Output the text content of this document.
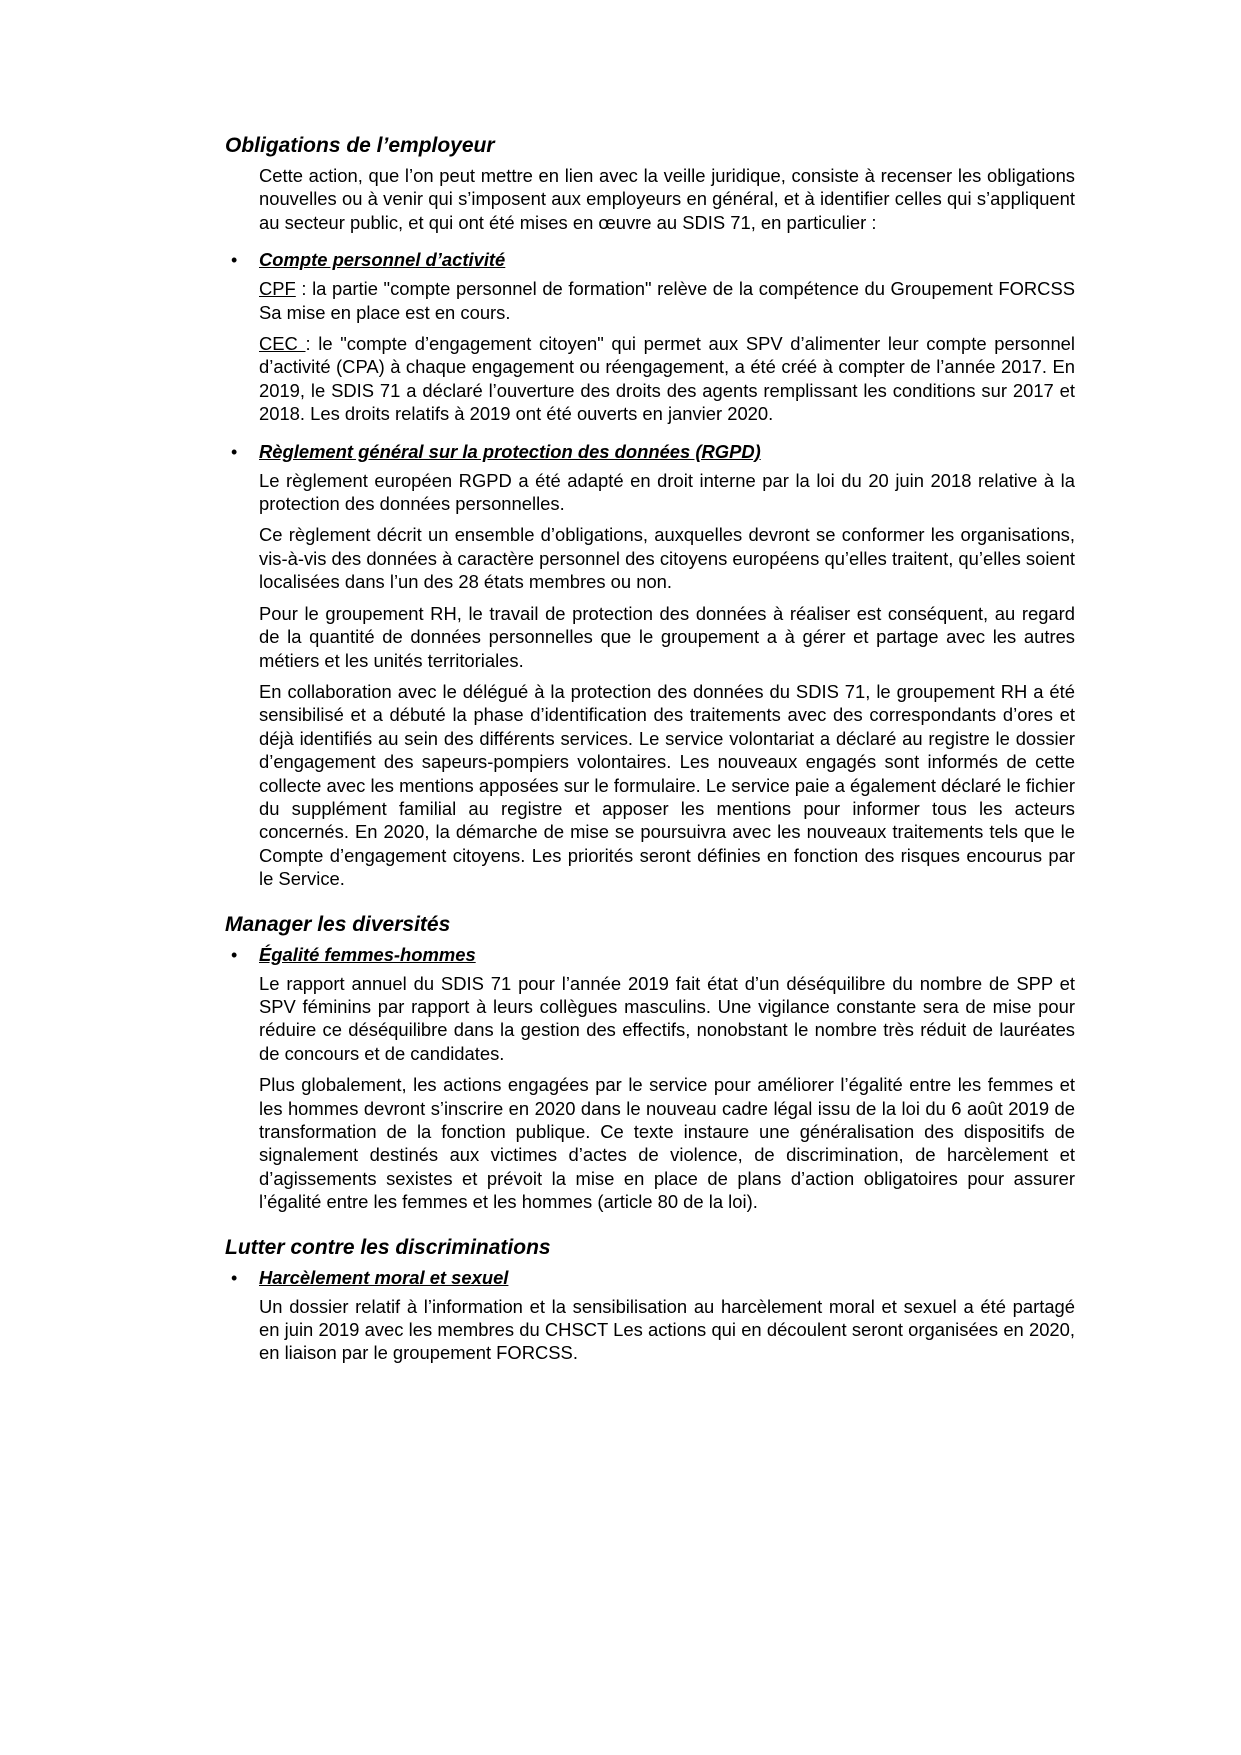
Obligations de l’employeur

Cette action, que l’on peut mettre en lien avec la veille juridique, consiste à recenser les obligations nouvelles ou à venir qui s’imposent aux employeurs en général, et à identifier celles qui s’appliquent au secteur public, et qui ont été mises en œuvre au SDIS 71, en particulier :

• Compte personnel d’activité

CPF : la partie "compte personnel de formation" relève de la compétence du Groupement FORCSS Sa mise en place est en cours.

CEC : le "compte d’engagement citoyen" qui permet aux SPV d’alimenter leur compte personnel d’activité (CPA) à chaque engagement ou réengagement, a été créé à compter de l’année 2017. En 2019, le SDIS 71 a déclaré l’ouverture des droits des agents remplissant les conditions sur 2017 et 2018. Les droits relatifs à 2019 ont été ouverts en janvier 2020.

• Règlement général sur la protection des données (RGPD)

Le règlement européen RGPD a été adapté en droit interne par la loi du 20 juin 2018 relative à la protection des données personnelles.

Ce règlement décrit un ensemble d’obligations, auxquelles devront se conformer les organisations, vis-à-vis des données à caractère personnel des citoyens européens qu’elles traitent, qu’elles soient localisées dans l’un des 28 états membres ou non.

Pour le groupement RH, le travail de protection des données à réaliser est conséquent, au regard de la quantité de données personnelles que le groupement a à gérer et partage avec les autres métiers et les unités territoriales.

En collaboration avec le délégué à la protection des données du SDIS 71, le groupement RH a été sensibilisé et a débuté la phase d’identification des traitements avec des correspondants d’ores et déjà identifiés au sein des différents services. Le service volontariat a déclaré au registre le dossier d’engagement des sapeurs-pompiers volontaires. Les nouveaux engagés sont informés de cette collecte avec les mentions apposées sur le formulaire. Le service paie a également déclaré le fichier du supplément familial au registre et apposer les mentions pour informer tous les acteurs concernés. En 2020, la démarche de mise se poursuivra avec les nouveaux traitements tels que le Compte d’engagement citoyens. Les priorités seront définies en fonction des risques encourus par le Service.

Manager les diversités
• Égalité femmes-hommes

Le rapport annuel du SDIS 71 pour l’année 2019 fait état d’un déséquilibre du nombre de SPP et SPV féminins par rapport à leurs collègues masculins. Une vigilance constante sera de mise pour réduire ce déséquilibre dans la gestion des effectifs, nonobstant le nombre très réduit de lauréates de concours et de candidates.

Plus globalement, les actions engagées par le service pour améliorer l’égalité entre les femmes et les hommes devront s’inscrire en 2020 dans le nouveau cadre légal issu de la loi du 6 août 2019 de transformation de la fonction publique. Ce texte instaure une généralisation des dispositifs de signalement destinés aux victimes d’actes de violence, de discrimination, de harcèlement et d’agissements sexistes et prévoit la mise en place de plans d’action obligatoires pour assurer l’égalité entre les femmes et les hommes (article 80 de la loi).

Lutter contre les discriminations
• Harcèlement moral et sexuel

Un dossier relatif à l’information et la sensibilisation au harcèlement moral et sexuel a été partagé en juin 2019 avec les membres du CHSCT Les actions qui en découlent seront organisées en 2020, en liaison par le groupement FORCSS.
